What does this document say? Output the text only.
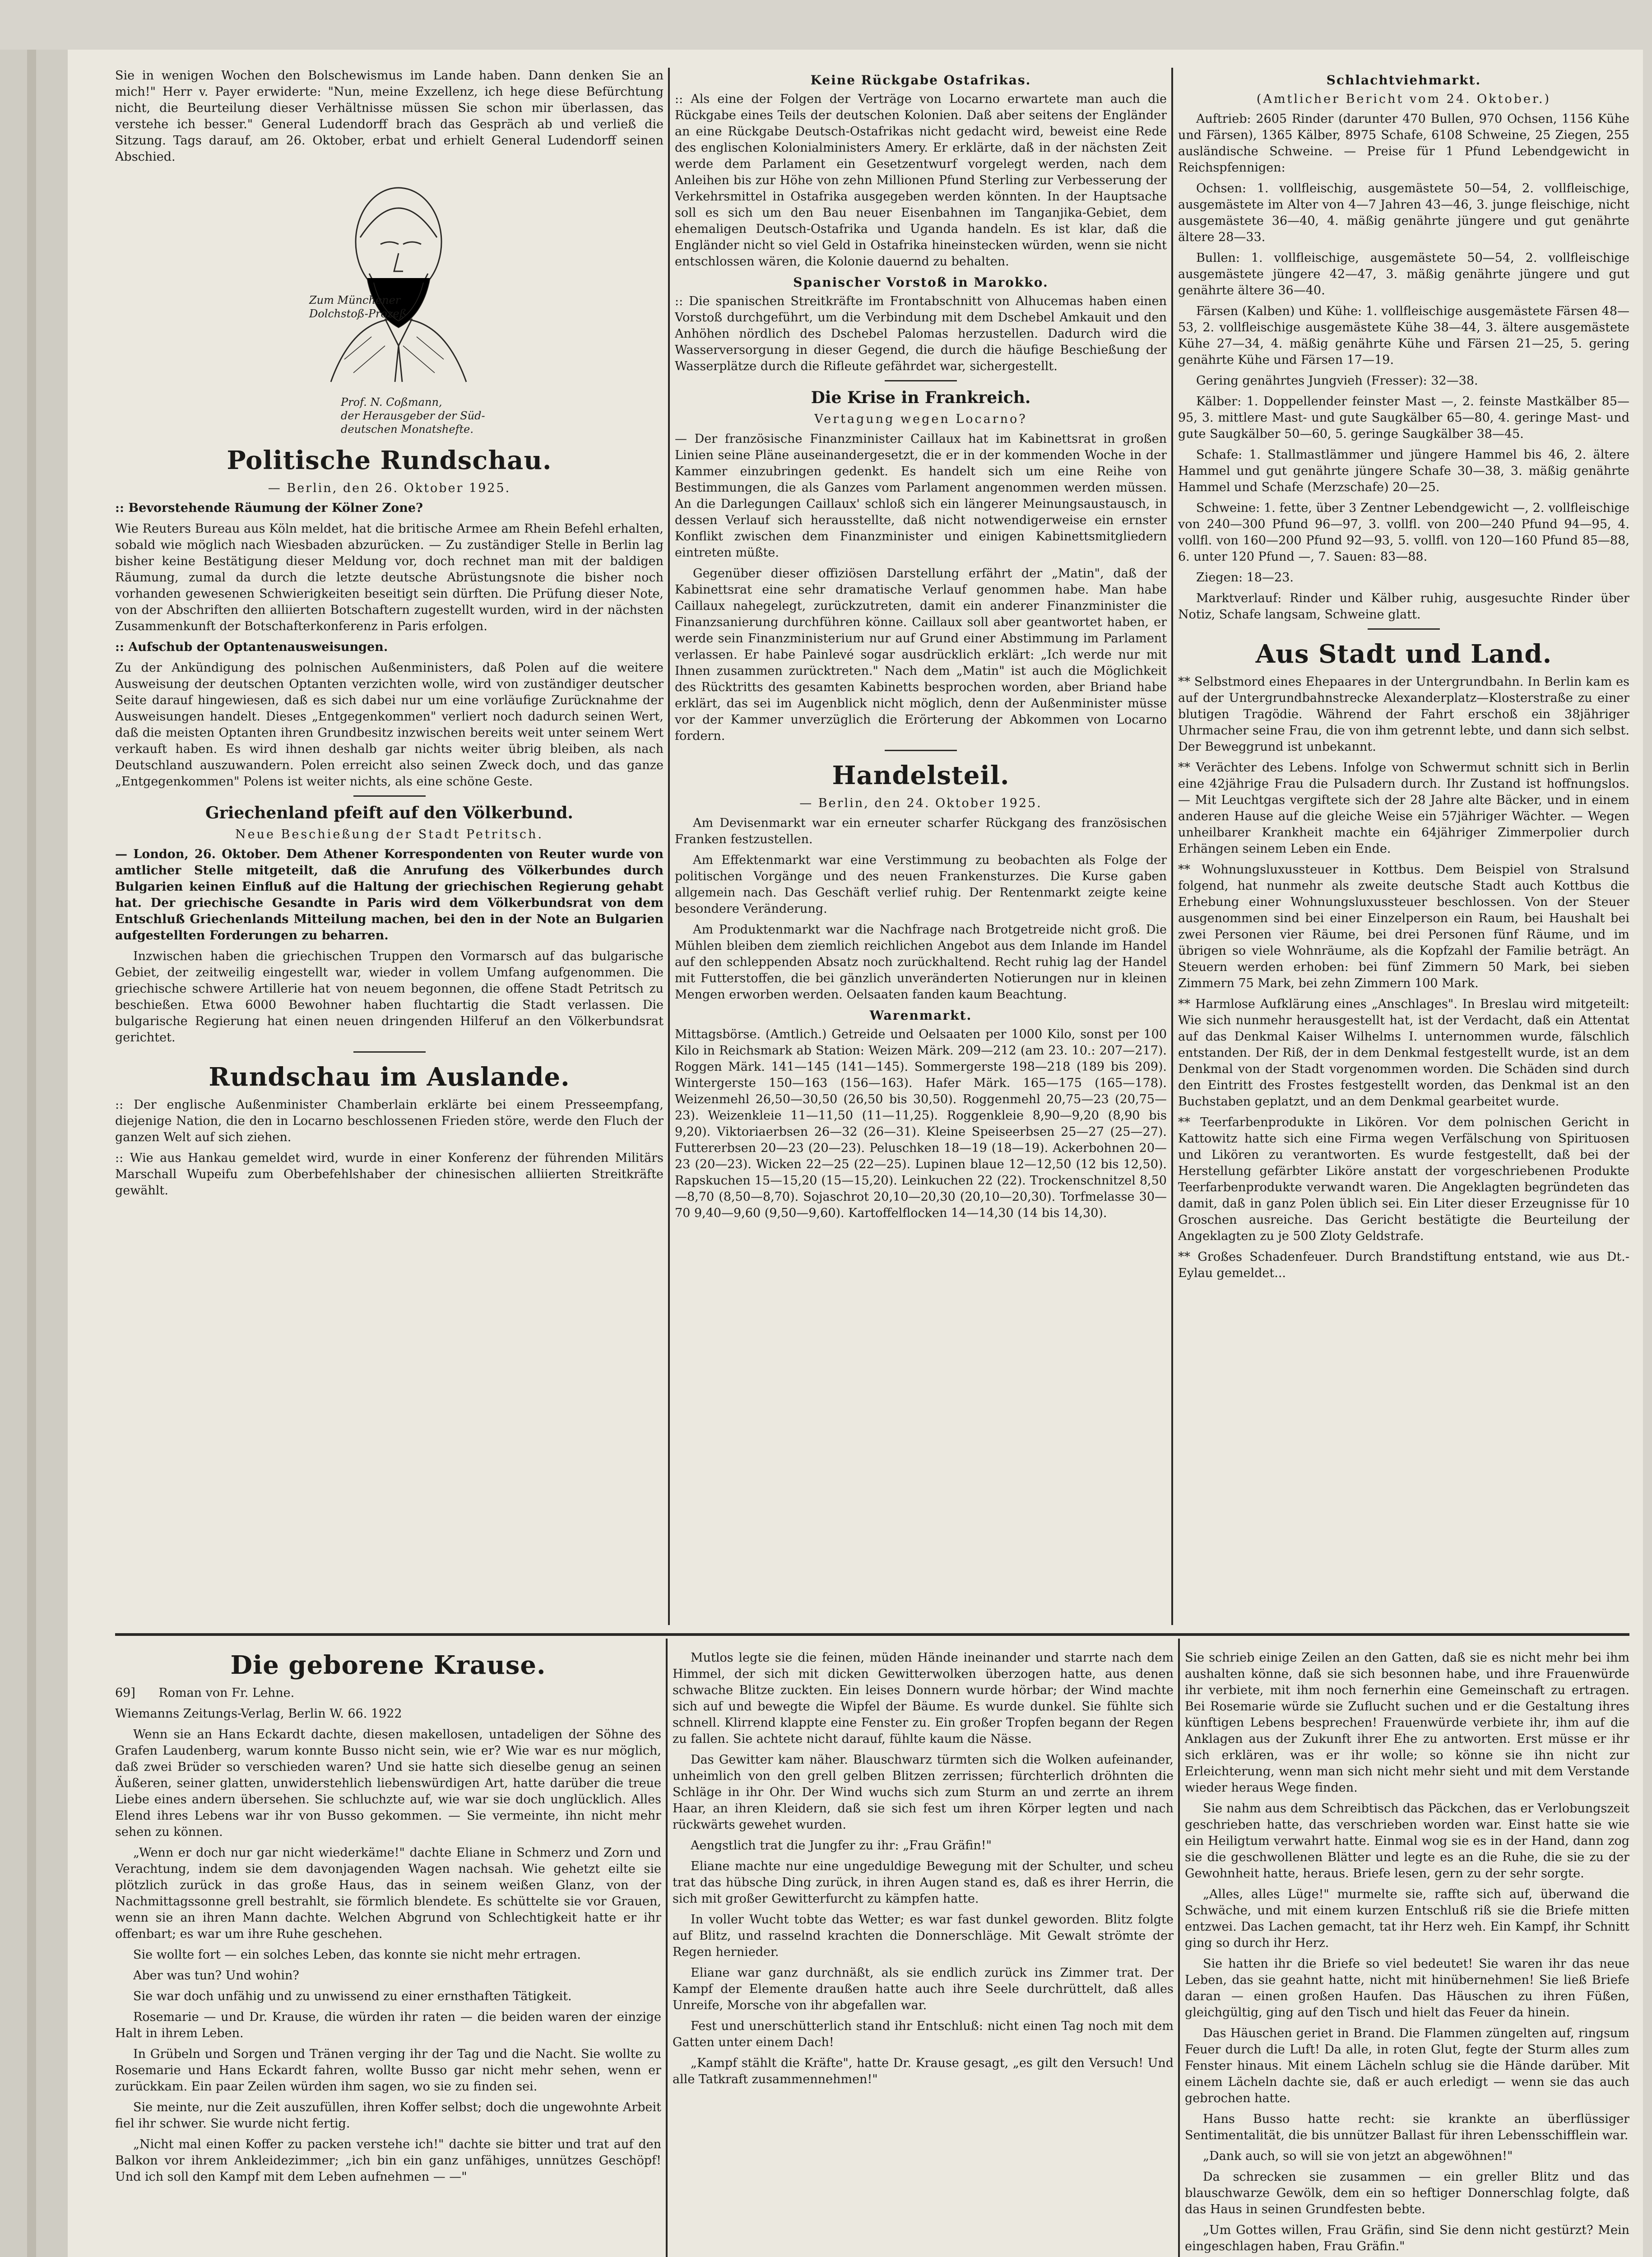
Sie in wenigen Wochen den Bolschewismus im Lande haben. Dann denken Sie an mich!" Herr v. Payer erwiderte: "Nun, meine Exzellenz, ich hege diese Befürchtung nicht, die Beurteilung dieser Verhältnisse müssen Sie schon mir überlassen, das verstehe ich besser." General Ludendorff brach das Gespräch ab und verließ die Sitzung. Tags darauf, am 26. Oktober, erbat und erhielt General Ludendorff seinen Abschied.

Zum Münchener

Dolchstoß-Prozeß

Prof. N. Coßmann,

der Herausgeber der Süd-

deutschen Monatshefte.

Politische Rundschau.

— Berlin, den 26. Oktober 1925.

:: Bevorstehende Räumung der Kölner Zone?

Wie Reuters Bureau aus Köln meldet, hat die britische Armee am Rhein Befehl erhalten, sobald wie möglich nach Wiesbaden abzurücken. — Zu zuständiger Stelle in Berlin lag bisher keine Bestätigung dieser Meldung vor, doch rechnet man mit der baldigen Räumung, zumal da durch die letzte deutsche Abrüstungsnote die bisher noch vorhanden gewesenen Schwierigkeiten beseitigt sein dürften. Die Prüfung dieser Note, von der Abschriften den alliierten Botschaftern zugestellt wurden, wird in der nächsten Zusammenkunft der Botschafterkonferenz in Paris erfolgen.

:: Aufschub der Optantenausweisungen.

Zu der Ankündigung des polnischen Außenministers, daß Polen auf die weitere Ausweisung der deutschen Optanten verzichten wolle, wird von zuständiger deutscher Seite darauf hingewiesen, daß es sich dabei nur um eine vorläufige Zurücknahme der Ausweisungen handelt. Dieses „Entgegenkommen" verliert noch dadurch seinen Wert, daß die meisten Optanten ihren Grundbesitz inzwischen bereits weit unter seinem Wert verkauft haben. Es wird ihnen deshalb gar nichts weiter übrig bleiben, als nach Deutschland auszuwandern. Polen erreicht also seinen Zweck doch, und das ganze „Entgegenkommen" Polens ist weiter nichts, als eine schöne Geste.

Griechenland pfeift auf den Völkerbund.

Neue Beschießung der Stadt Petritsch.

— London, 26. Oktober. Dem Athener Korrespondenten von Reuter wurde von amtlicher Stelle mitgeteilt, daß die Anrufung des Völkerbundes durch Bulgarien keinen Einfluß auf die Haltung der griechischen Regierung gehabt hat. Der griechische Gesandte in Paris wird dem Völkerbundsrat von dem Entschluß Griechenlands Mitteilung machen, bei den in der Note an Bulgarien aufgestellten Forderungen zu beharren.

Inzwischen haben die griechischen Truppen den Vormarsch auf das bulgarische Gebiet, der zeitweilig eingestellt war, wieder in vollem Umfang aufgenommen. Die griechische schwere Artillerie hat von neuem begonnen, die offene Stadt Petritsch zu beschießen. Etwa 6000 Bewohner haben fluchtartig die Stadt verlassen. Die bulgarische Regierung hat einen neuen dringenden Hilferuf an den Völkerbundsrat gerichtet.

Rundschau im Auslande.

:: Der englische Außenminister Chamberlain erklärte bei einem Presseempfang, diejenige Nation, die den in Locarno beschlossenen Frieden störe, werde den Fluch der ganzen Welt auf sich ziehen.

:: Wie aus Hankau gemeldet wird, wurde in einer Konferenz der führenden Militärs Marschall Wupeifu zum Oberbefehlshaber der chinesischen alliierten Streitkräfte gewählt.

Keine Rückgabe Ostafrikas.

:: Als eine der Folgen der Verträge von Locarno erwartete man auch die Rückgabe eines Teils der deutschen Kolonien. Daß aber seitens der Engländer an eine Rückgabe Deutsch-Ostafrikas nicht gedacht wird, beweist eine Rede des englischen Kolonialministers Amery. Er erklärte, daß in der nächsten Zeit werde dem Parlament ein Gesetzentwurf vorgelegt werden, nach dem Anleihen bis zur Höhe von zehn Millionen Pfund Sterling zur Verbesserung der Verkehrsmittel in Ostafrika ausgegeben werden könnten. In der Hauptsache soll es sich um den Bau neuer Eisenbahnen im Tanganjika-Gebiet, dem ehemaligen Deutsch-Ostafrika und Uganda handeln. Es ist klar, daß die Engländer nicht so viel Geld in Ostafrika hineinstecken würden, wenn sie nicht entschlossen wären, die Kolonie dauernd zu behalten.

Spanischer Vorstoß in Marokko.

:: Die spanischen Streitkräfte im Frontabschnitt von Alhucemas haben einen Vorstoß durchgeführt, um die Verbindung mit dem Dschebel Amkauit und den Anhöhen nördlich des Dschebel Palomas herzustellen. Dadurch wird die Wasserversorgung in dieser Gegend, die durch die häufige Beschießung der Wasserplätze durch die Rifleute gefährdet war, sichergestellt.

Die Krise in Frankreich.

Vertagung wegen Locarno?

— Der französische Finanzminister Caillaux hat im Kabinettsrat in großen Linien seine Pläne auseinandergesetzt, die er in der kommenden Woche in der Kammer einzubringen gedenkt. Es handelt sich um eine Reihe von Bestimmungen, die als Ganzes vom Parlament angenommen werden müssen. An die Darlegungen Caillaux' schloß sich ein längerer Meinungsaustausch, in dessen Verlauf sich herausstellte, daß nicht notwendigerweise ein ernster Konflikt zwischen dem Finanzminister und einigen Kabinettsmitgliedern eintreten müßte.

Gegenüber dieser offiziösen Darstellung erfährt der „Matin", daß der Kabinettsrat eine sehr dramatische Verlauf genommen habe. Man habe Caillaux nahegelegt, zurückzutreten, damit ein anderer Finanzminister die Finanzsanierung durchführen könne. Caillaux soll aber geantwortet haben, er werde sein Finanzministerium nur auf Grund einer Abstimmung im Parlament verlassen. Er habe Painlevé sogar ausdrücklich erklärt: „Ich werde nur mit Ihnen zusammen zurücktreten." Nach dem „Matin" ist auch die Möglichkeit des Rücktritts des gesamten Kabinetts besprochen worden, aber Briand habe erklärt, das sei im Augenblick nicht möglich, denn der Außenminister müsse vor der Kammer unverzüglich die Erörterung der Abkommen von Locarno fordern.

Handelsteil.

— Berlin, den 24. Oktober 1925.

Am Devisenmarkt war ein erneuter scharfer Rückgang des französischen Franken festzustellen.

Am Effektenmarkt war eine Verstimmung zu beobachten als Folge der politischen Vorgänge und des neuen Frankensturzes. Die Kurse gaben allgemein nach. Das Geschäft verlief ruhig. Der Rentenmarkt zeigte keine besondere Veränderung.

Am Produktenmarkt war die Nachfrage nach Brotgetreide nicht groß. Die Mühlen bleiben dem ziemlich reichlichen Angebot aus dem Inlande im Handel auf den schleppenden Absatz noch zurückhaltend. Recht ruhig lag der Handel mit Futterstoffen, die bei gänzlich unveränderten Notierungen nur in kleinen Mengen erworben werden. Oelsaaten fanden kaum Beachtung.

Warenmarkt.

Mittagsbörse. (Amtlich.) Getreide und Oelsaaten per 1000 Kilo, sonst per 100 Kilo in Reichsmark ab Station: Weizen Märk. 209—212 (am 23. 10.: 207—217). Roggen Märk. 141—145 (141—145). Sommergerste 198—218 (189 bis 209). Wintergerste 150—163 (156—163). Hafer Märk. 165—175 (165—178). Weizenmehl 26,50—30,50 (26,50 bis 30,50). Roggenmehl 20,75—23 (20,75—23). Weizenkleie 11—11,50 (11—11,25). Roggenkleie 8,90—9,20 (8,90 bis 9,20). Viktoriaerbsen 26—32 (26—31). Kleine Speiseerbsen 25—27 (25—27). Futtererbsen 20—23 (20—23). Peluschken 18—19 (18—19). Ackerbohnen 20—23 (20—23). Wicken 22—25 (22—25). Lupinen blaue 12—12,50 (12 bis 12,50). Rapskuchen 15—15,20 (15—15,20). Leinkuchen 22 (22). Trockenschnitzel 8,50—8,70 (8,50—8,70). Sojaschrot 20,10—20,30 (20,10—20,30). Torfmelasse 30—70 9,40—9,60 (9,50—9,60). Kartoffelflocken 14—14,30 (14 bis 14,30).

Schlachtviehmarkt.

(Amtlicher Bericht vom 24. Oktober.)

Auftrieb: 2605 Rinder (darunter 470 Bullen, 970 Ochsen, 1156 Kühe und Färsen), 1365 Kälber, 8975 Schafe, 6108 Schweine, 25 Ziegen, 255 ausländische Schweine. — Preise für 1 Pfund Lebendgewicht in Reichspfennigen:

Ochsen: 1. vollfleischig, ausgemästete 50—54, 2. vollfleischige, ausgemästete im Alter von 4—7 Jahren 43—46, 3. junge fleischige, nicht ausgemästete 36—40, 4. mäßig genährte jüngere und gut genährte ältere 28—33.

Bullen: 1. vollfleischige, ausgemästete 50—54, 2. vollfleischige ausgemästete jüngere 42—47, 3. mäßig genährte jüngere und gut genährte ältere 36—40.

Färsen (Kalben) und Kühe: 1. vollfleischige ausgemästete Färsen 48—53, 2. vollfleischige ausgemästete Kühe 38—44, 3. ältere ausgemästete Kühe 27—34, 4. mäßig genährte Kühe und Färsen 21—25, 5. gering genährte Kühe und Färsen 17—19.

Gering genährtes Jungvieh (Fresser): 32—38.

Kälber: 1. Doppellender feinster Mast —, 2. feinste Mastkälber 85—95, 3. mittlere Mast- und gute Saugkälber 65—80, 4. geringe Mast- und gute Saugkälber 50—60, 5. geringe Saugkälber 38—45.

Schafe: 1. Stallmastlämmer und jüngere Hammel bis 46, 2. ältere Hammel und gut genährte jüngere Schafe 30—38, 3. mäßig genährte Hammel und Schafe (Merzschafe) 20—25.

Schweine: 1. fette, über 3 Zentner Lebendgewicht —, 2. vollfleischige von 240—300 Pfund 96—97, 3. vollfl. von 200—240 Pfund 94—95, 4. vollfl. von 160—200 Pfund 92—93, 5. vollfl. von 120—160 Pfund 85—88, 6. unter 120 Pfund —, 7. Sauen: 83—88.

Ziegen: 18—23.

Marktverlauf: Rinder und Kälber ruhig, ausgesuchte Rinder über Notiz, Schafe langsam, Schweine glatt.

Aus Stadt und Land.

** Selbstmord eines Ehepaares in der Untergrundbahn. In Berlin kam es auf der Untergrundbahnstrecke Alexanderplatz—Klosterstraße zu einer blutigen Tragödie. Während der Fahrt erschoß ein 38jähriger Uhrmacher seine Frau, die von ihm getrennt lebte, und dann sich selbst. Der Beweggrund ist unbekannt.

** Verächter des Lebens. Infolge von Schwermut schnitt sich in Berlin eine 42jährige Frau die Pulsadern durch. Ihr Zustand ist hoffnungslos. — Mit Leuchtgas vergiftete sich der 28 Jahre alte Bäcker, und in einem anderen Hause auf die gleiche Weise ein 57jähriger Wächter. — Wegen unheilbarer Krankheit machte ein 64jähriger Zimmerpolier durch Erhängen seinem Leben ein Ende.

** Wohnungsluxussteuer in Kottbus. Dem Beispiel von Stralsund folgend, hat nunmehr als zweite deutsche Stadt auch Kottbus die Erhebung einer Wohnungsluxussteuer beschlossen. Von der Steuer ausgenommen sind bei einer Einzelperson ein Raum, bei Haushalt bei zwei Personen vier Räume, bei drei Personen fünf Räume, und im übrigen so viele Wohnräume, als die Kopfzahl der Familie beträgt. An Steuern werden erhoben: bei fünf Zimmern 50 Mark, bei sieben Zimmern 75 Mark, bei zehn Zimmern 100 Mark.

** Harmlose Aufklärung eines „Anschlages". In Breslau wird mitgeteilt: Wie sich nunmehr herausgestellt hat, ist der Verdacht, daß ein Attentat auf das Denkmal Kaiser Wilhelms I. unternommen wurde, fälschlich entstanden. Der Riß, der in dem Denkmal festgestellt wurde, ist an dem Denkmal von der Stadt vorgenommen worden. Die Schäden sind durch den Eintritt des Frostes festgestellt worden, das Denkmal ist an den Buchstaben geplatzt, und an dem Denkmal gearbeitet wurde.

** Teerfarbenprodukte in Likören. Vor dem polnischen Gericht in Kattowitz hatte sich eine Firma wegen Verfälschung von Spirituosen und Likören zu verantworten. Es wurde festgestellt, daß bei der Herstellung gefärbter Liköre anstatt der vorgeschriebenen Produkte Teerfarbenprodukte verwandt waren. Die Angeklagten begründeten das damit, daß in ganz Polen üblich sei. Ein Liter dieser Erzeugnisse für 10 Groschen ausreiche. Das Gericht bestätigte die Beurteilung der Angeklagten zu je 500 Zloty Geldstrafe.

** Großes Schadenfeuer. Durch Brandstiftung entstand, wie aus Dt.-Eylau gemeldet...

Die geborene Krause.

69]      Roman von Fr. Lehne.

Wiemanns Zeitungs-Verlag, Berlin W. 66. 1922

Wenn sie an Hans Eckardt dachte, diesen makellosen, untadeligen der Söhne des Grafen Laudenberg, warum konnte Busso nicht sein, wie er? Wie war es nur möglich, daß zwei Brüder so verschieden waren? Und sie hatte sich dieselbe genug an seinen Äußeren, seiner glatten, unwiderstehlich liebenswürdigen Art, hatte darüber die treue Liebe eines andern übersehen. Sie schluchzte auf, wie war sie doch unglücklich. Alles Elend ihres Lebens war ihr von Busso gekommen. — Sie vermeinte, ihn nicht mehr sehen zu können.

„Wenn er doch nur gar nicht wiederkäme!" dachte Eliane in Schmerz und Zorn und Verachtung, indem sie dem davonjagenden Wagen nachsah. Wie gehetzt eilte sie plötzlich zurück in das große Haus, das in seinem weißen Glanz, von der Nachmittagssonne grell bestrahlt, sie förmlich blendete. Es schüttelte sie vor Grauen, wenn sie an ihren Mann dachte. Welchen Abgrund von Schlechtigkeit hatte er ihr offenbart; es war um ihre Ruhe geschehen.

Sie wollte fort — ein solches Leben, das konnte sie nicht mehr ertragen.

Aber was tun? Und wohin?

Sie war doch unfähig und zu unwissend zu einer ernsthaften Tätigkeit.

Rosemarie — und Dr. Krause, die würden ihr raten — die beiden waren der einzige Halt in ihrem Leben.

In Grübeln und Sorgen und Tränen verging ihr der Tag und die Nacht. Sie wollte zu Rosemarie und Hans Eckardt fahren, wollte Busso gar nicht mehr sehen, wenn er zurückkam. Ein paar Zeilen würden ihm sagen, wo sie zu finden sei.

Sie meinte, nur die Zeit auszufüllen, ihren Koffer selbst; doch die ungewohnte Arbeit fiel ihr schwer. Sie wurde nicht fertig.

„Nicht mal einen Koffer zu packen verstehe ich!" dachte sie bitter und trat auf den Balkon vor ihrem Ankleidezimmer; „ich bin ein ganz unfähiges, unnützes Geschöpf! Und ich soll den Kampf mit dem Leben aufnehmen — —"

Mutlos legte sie die feinen, müden Hände ineinander und starrte nach dem Himmel, der sich mit dicken Gewitterwolken überzogen hatte, aus denen schwache Blitze zuckten. Ein leises Donnern wurde hörbar; der Wind machte sich auf und bewegte die Wipfel der Bäume. Es wurde dunkel. Sie fühlte sich schnell. Klirrend klappte eine Fenster zu. Ein großer Tropfen begann der Regen zu fallen. Sie achtete nicht darauf, fühlte kaum die Nässe.

Das Gewitter kam näher. Blauschwarz türmten sich die Wolken aufeinander, unheimlich von den grell gelben Blitzen zerrissen; fürchterlich dröhnten die Schläge in ihr Ohr. Der Wind wuchs sich zum Sturm an und zerrte an ihrem Haar, an ihren Kleidern, daß sie sich fest um ihren Körper legten und nach rückwärts gewehet wurden.

Aengstlich trat die Jungfer zu ihr: „Frau Gräfin!"

Eliane machte nur eine ungeduldige Bewegung mit der Schulter, und scheu trat das hübsche Ding zurück, in ihren Augen stand es, daß es ihrer Herrin, die sich mit großer Gewitterfurcht zu kämpfen hatte.

In voller Wucht tobte das Wetter; es war fast dunkel geworden. Blitz folgte auf Blitz, und rasselnd krachten die Donnerschläge. Mit Gewalt strömte der Regen hernieder.

Eliane war ganz durchnäßt, als sie endlich zurück ins Zimmer trat. Der Kampf der Elemente draußen hatte auch ihre Seele durchrüttelt, daß alles Unreife, Morsche von ihr abgefallen war.

Fest und unerschütterlich stand ihr Entschluß: nicht einen Tag noch mit dem Gatten unter einem Dach!

„Kampf stählt die Kräfte", hatte Dr. Krause gesagt, „es gilt den Versuch! Und alle Tatkraft zusammennehmen!"

Sie schrieb einige Zeilen an den Gatten, daß sie es nicht mehr bei ihm aushalten könne, daß sie sich besonnen habe, und ihre Frauenwürde ihr verbiete, mit ihm noch fernerhin eine Gemeinschaft zu ertragen. Bei Rosemarie würde sie Zuflucht suchen und er die Gestaltung ihres künftigen Lebens besprechen! Frauenwürde verbiete ihr, ihm auf die Anklagen aus der Zukunft ihrer Ehe zu antworten. Erst müsse er ihr sich erklären, was er ihr wolle; so könne sie ihn nicht zur Erleichterung, wenn man sich nicht mehr sieht und mit dem Verstande wieder heraus Wege finden.

Sie nahm aus dem Schreibtisch das Päckchen, das er Verlobungszeit geschrieben hatte, das verschrieben worden war. Einst hatte sie wie ein Heiligtum verwahrt hatte. Einmal wog sie es in der Hand, dann zog sie die geschwollenen Blätter und legte es an die Ruhe, die sie zu der Gewohnheit hatte, heraus. Briefe lesen, gern zu der sehr sorgte.

„Alles, alles Lüge!" murmelte sie, raffte sich auf, überwand die Schwäche, und mit einem kurzen Entschluß riß sie die Briefe mitten entzwei. Das Lachen gemacht, tat ihr Herz weh. Ein Kampf, ihr Schnitt ging so durch ihr Herz.

Sie hatten ihr die Briefe so viel bedeutet! Sie waren ihr das neue Leben, das sie geahnt hatte, nicht mit hinübernehmen! Sie ließ Briefe daran — einen großen Haufen. Das Häuschen zu ihren Füßen, gleichgültig, ging auf den Tisch und hielt das Feuer da hinein.

Das Häuschen geriet in Brand. Die Flammen züngelten auf, ringsum Feuer durch die Luft! Da alle, in roten Glut, fegte der Sturm alles zum Fenster hinaus. Mit einem Lächeln schlug sie die Hände darüber. Mit einem Lächeln dachte sie, daß er auch erledigt — wenn sie das auch gebrochen hatte.

Hans Busso hatte recht: sie krankte an überflüssiger Sentimentalität, die bis unnützer Ballast für ihren Lebensschifflein war.

„Dank auch, so will sie von jetzt an abgewöhnen!"

Da schrecken sie zusammen — ein greller Blitz und das blauschwarze Gewölk, dem ein so heftiger Donnerschlag folgte, daß das Haus in seinen Grundfesten bebte.

„Um Gottes willen, Frau Gräfin, sind Sie denn nicht gestürzt? Mein eingeschlagen haben, Frau Gräfin."
